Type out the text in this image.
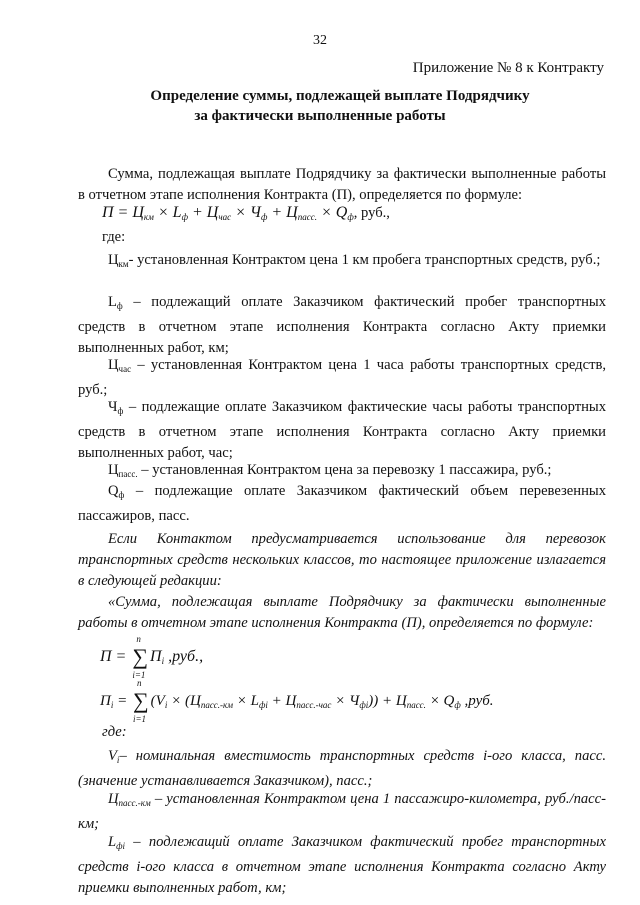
32
Приложение № 8 к Контракту
Определение суммы, подлежащей выплате Подрядчику
за фактически выполненные работы
Сумма, подлежащая выплате Подрядчику за фактически выполненные работы в отчетном этапе исполнения Контракта (П), определяется по формуле:
$П = Ц_{км} \times L_ф + Ц_{час} \times Ч_ф + Ц_{пасс.} \times Q_ф$, руб.,
где:
$Ц_{км}-$ установленная Контрактом цена 1 км пробега транспортных средств, руб.;
$L_ф$ – подлежащий оплате Заказчиком фактический пробег транспортных средств в отчетном этапе исполнения Контракта согласно Акту приемки выполненных работ, км;
$Ц_{час}$ – установленная Контрактом цена 1 часа работы транспортных средств, руб.;
$Ч_ф$ – подлежащие оплате Заказчиком фактические часы работы транспортных средств в отчетном этапе исполнения Контракта согласно Акту приемки выполненных работ, час;
$Ц_{пасс.}$ – установленная Контрактом цена за перевозку 1 пассажира, руб.;
$Q_ф$ – подлежащие оплате Заказчиком фактический объем перевезенных пассажиров, пасс.
Если Контактом предусматривается использование для перевозок транспортных средств нескольких классов, то настоящее приложение излагается в следующей редакции:
«Сумма, подлежащая выплате Подрядчику за фактически выполненные работы в отчетном этапе исполнения Контракта (П), определяется по формуле:
П = ∑
n
i=1
$П_i$ ,руб.,
$П_i$ = ∑
n
i=1
$(V_i \times (Ц_{пасс.-км} \times L_{фi} + Ц_{пасс.-час} \times Ч_{фi})) + Ц_{пасс.} \times Q_ф$ ,руб.
где:
$V_i-$ номинальная вместимость транспортных средств i-ого класса, пасс. (значение устанавливается Заказчиком), пасс.;
$Ц_{пасс.-км}$ – установленная Контрактом цена 1 пассажиро-километра, руб./пасс-км;
$L_{фi}$ – подлежащий оплате Заказчиком фактический пробег транспортных средств i-ого класса в отчетном этапе исполнения Контракта согласно Акту приемки выполненных работ, км;
